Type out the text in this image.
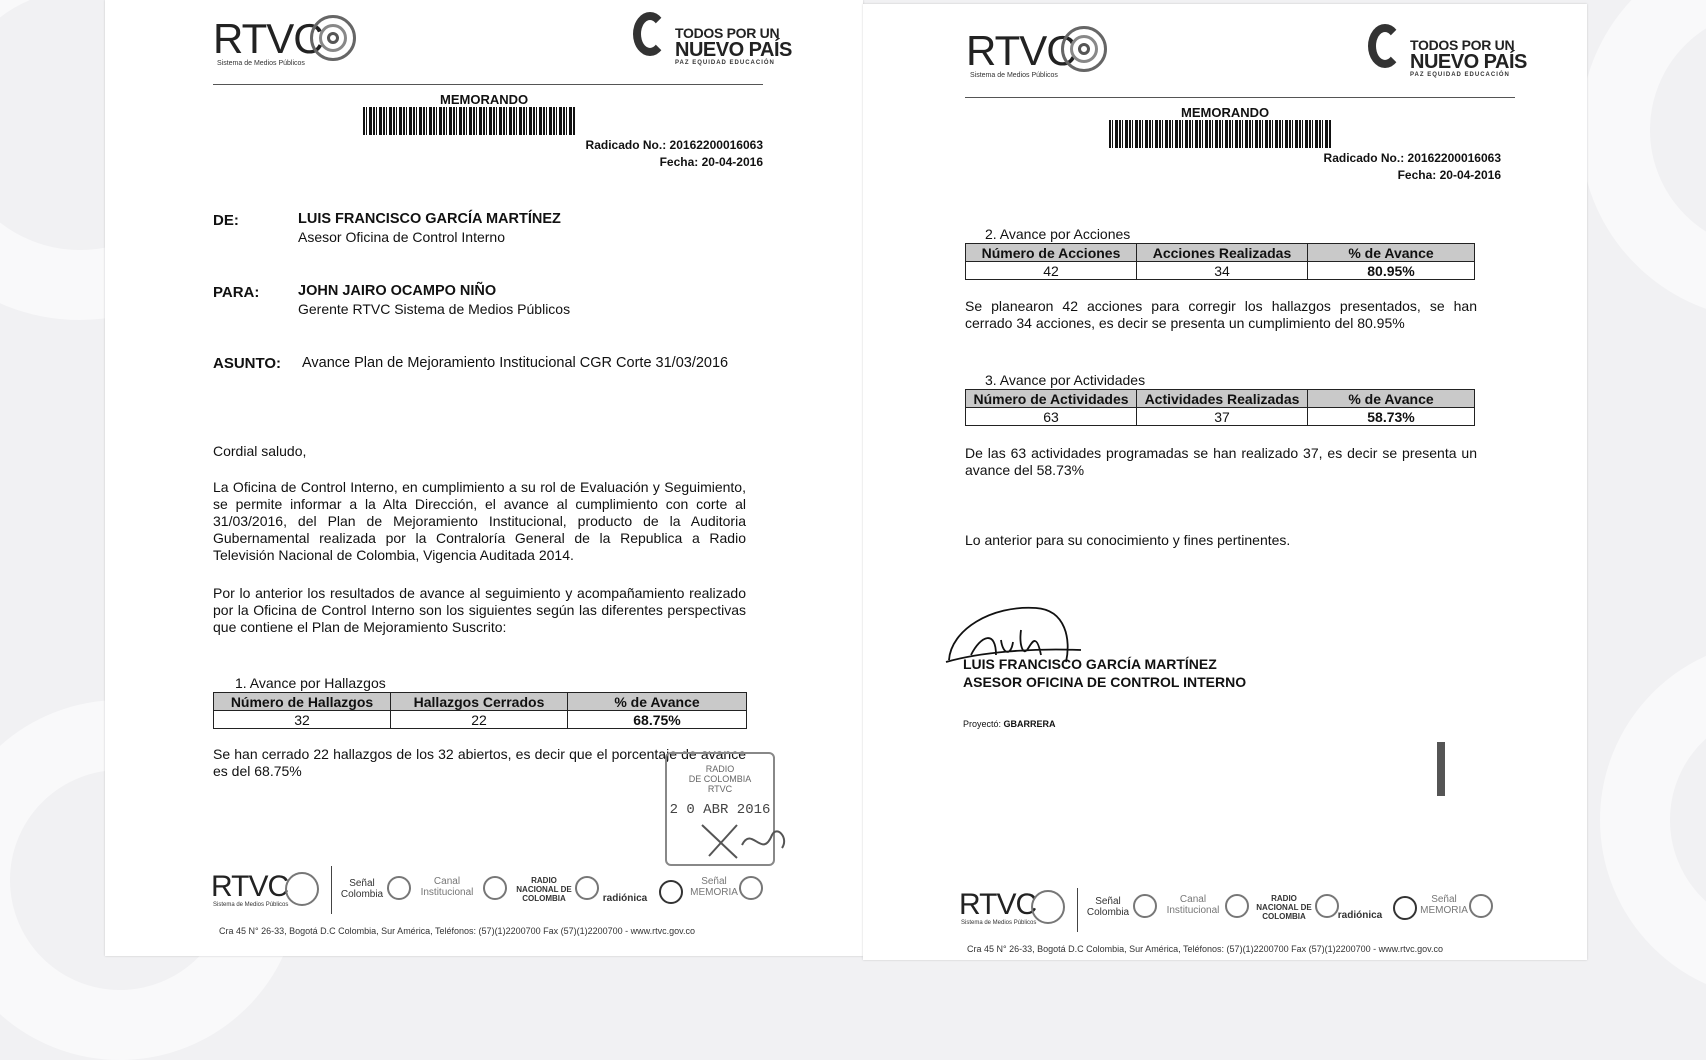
RTVC
Sistema de Medios Públicos
TODOS POR UN
NUEVO PAÍS
PAZ EQUIDAD EDUCACIÓN
MEMORANDO
Radicado No.: 20162200016063
Fecha: 20-04-2016
DE:	LUIS FRANCISCO GARCÍA MARTÍNEZ
Asesor Oficina de Control Interno
PARA:	JOHN JAIRO OCAMPO NIÑO
Gerente RTVC Sistema de Medios Públicos
ASUNTO: Avance Plan de Mejoramiento Institucional CGR Corte 31/03/2016
Cordial saludo,
La Oficina de Control Interno, en cumplimiento a su rol de Evaluación y Seguimiento, se permite informar a la Alta Dirección, el avance al cumplimiento con corte al 31/03/2016, del Plan de Mejoramiento Institucional, producto de la Auditoria Gubernamental realizada por la Contraloría General de la Republica a Radio Televisión Nacional de Colombia, Vigencia Auditada 2014.
Por lo anterior los resultados de avance al seguimiento y acompañamiento realizado por la Oficina de Control Interno son los siguientes según las diferentes perspectivas que contiene el Plan de Mejoramiento Suscrito:
1. Avance por Hallazgos
Número de Hallazgos	Hallazgos Cerrados	% de Avance
32	22	68.75%
Se han cerrado 22 hallazgos de los 32 abiertos, es decir que el porcentaje de avance es del 68.75%	RADIO
DE COLOMBIA
RTVC
2 0 ABR 2016
RTVC
Sistema de Medios Públicos
Señal Colombia
Canal Institucional
RADIO NACIONAL DE COLOMBIA	radiónica
Señal MEMORIA
Cra 45 N° 26-33, Bogotá D.C Colombia, Sur América, Teléfonos: (57)(1)2200700 Fax (57)(1)2200700 - www.rtvc.gov.co
RTVC
Sistema de Medios Públicos
TODOS POR UN
NUEVO PAÍS
PAZ EQUIDAD EDUCACIÓN
MEMORANDO
Radicado No.: 20162200016063
Fecha: 20-04-2016
2. Avance por Acciones
Número de Acciones	Acciones Realizadas	% de Avance
42	34	80.95%
Se planearon 42 acciones para corregir los hallazgos presentados, se han cerrado 34 acciones, es decir se presenta un cumplimiento del 80.95%
3. Avance por Actividades
Número de Actividades	Actividades Realizadas	% de Avance
63	37	58.73%
De las 63 actividades programadas se han realizado 37, es decir se presenta un avance del 58.73%
Lo anterior para su conocimiento y fines pertinentes.
LUIS FRANCISCO GARCÍA MARTÍNEZ
ASESOR OFICINA DE CONTROL INTERNO
Proyectó: GBARRERA
RTVC
Sistema de Medios Públicos
Señal Colombia
Canal Institucional
RADIO NACIONAL DE COLOMBIA	radiónica
Señal MEMORIA
Cra 45 N° 26-33, Bogotá D.C Colombia, Sur América, Teléfonos: (57)(1)2200700 Fax (57)(1)2200700 - www.rtvc.gov.co
